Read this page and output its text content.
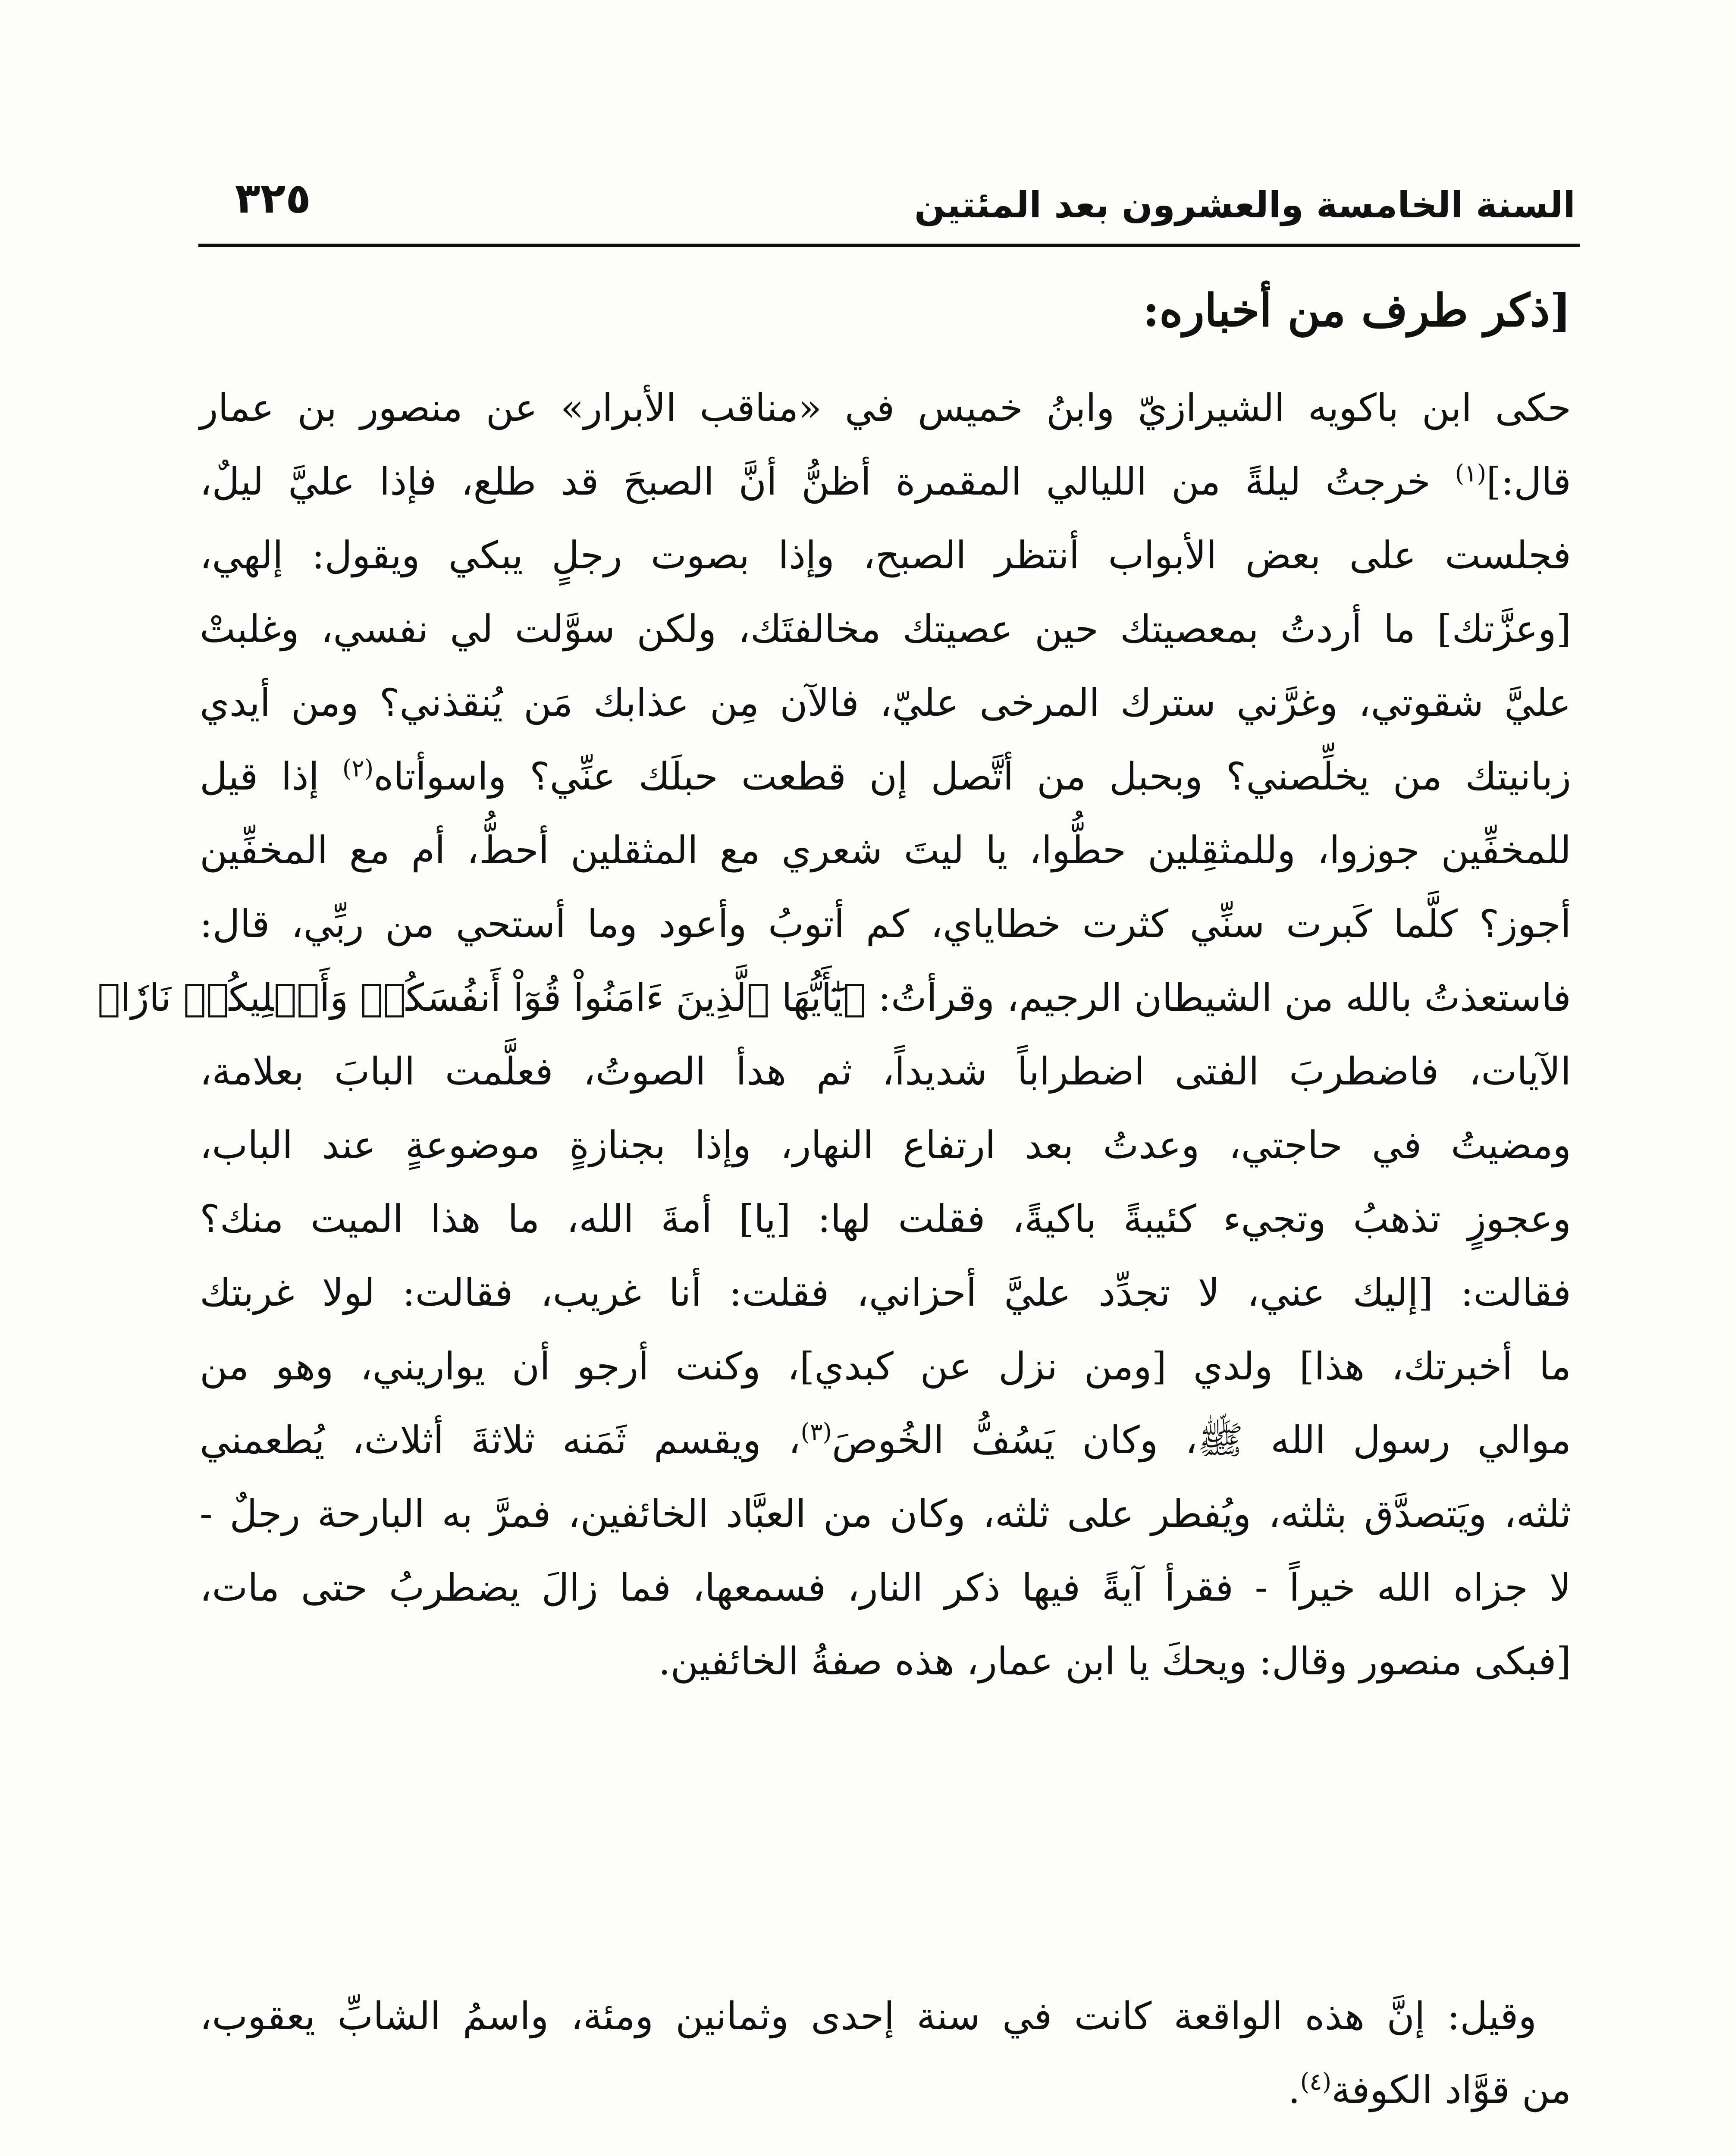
السنة الخامسة والعشرون بعد المئتين
٣٢٥
[ذكر طرف من أخباره:
حكى ابن باكويه الشيرازيّ وابنُ خميس في «مناقب الأبرار» عن منصور بن عمار
قال:]$^{(١)}$ خرجتُ ليلةً من الليالي المقمرة أظنُّ أنَّ الصبحَ قد طلع، فإذا عليَّ ليلٌ،
فجلست على بعض الأبواب أنتظر الصبح، وإذا بصوت رجلٍ يبكي ويقول: إلهي،
[وعزَّتك] ما أردتُ بمعصيتك حين عصيتك مخالفتَك، ولكن سوَّلت لي نفسي، وغلبتْ
عليَّ شقوتي، وغرَّني سترك المرخى عليّ، فالآن مِن عذابك مَن يُنقذني؟ ومن أيدي
زبانيتك من يخلِّصني؟ وبحبل من أتَّصل إن قطعت حبلَك عنِّي؟ واسوأتاه$^{(٢)}$ إذا قيل
للمخفِّين جوزوا، وللمثقِلين حطُّوا، يا ليتَ شعري مع المثقلين أحطُّ، أم مع المخفِّين
أجوز؟ كلَّما كَبرت سنِّي كثرت خطاياي، كم أتوبُ وأعود وما أستحي من ربِّي، قال:
فاستعذتُ بالله من الشيطان الرجيم، وقرأتُ: ﴿يَٰٓأَيُّهَا ٱلَّذِينَ ءَامَنُواْ قُوٓاْ أَنفُسَكُمۡ وَأَهۡلِيكُمۡ نَارٗا﴾
الآيات، فاضطربَ الفتى اضطراباً شديداً، ثم هدأ الصوتُ، فعلَّمت البابَ بعلامة،
ومضيتُ في حاجتي، وعدتُ بعد ارتفاع النهار، وإذا بجنازةٍ موضوعةٍ عند الباب،
وعجوزٍ تذهبُ وتجيء كئيبةً باكيةً، فقلت لها: [يا] أمةَ الله، ما هذا الميت منك؟
فقالت: [إليك عني، لا تجدِّد عليَّ أحزاني، فقلت: أنا غريب، فقالت: لولا غربتك
ما أخبرتك، هذا] ولدي [ومن نزل عن كبدي]، وكنت أرجو أن يواريني، وهو من
موالي رسول الله ﷺ، وكان يَسُفُّ الخُوصَ$^{(٣)}$، ويقسم ثَمَنه ثلاثةَ أثلاث، يُطعمني
ثلثه، ويَتصدَّق بثلثه، ويُفطر على ثلثه، وكان من العبَّاد الخائفين، فمرَّ به البارحة رجلٌ -
لا جزاه الله خيراً - فقرأ آيةً فيها ذكر النار، فسمعها، فما زالَ يضطربُ حتى مات،
[فبكى منصور وقال: ويحكَ يا ابن عمار، هذه صفةُ الخائفين.
وقيل: إنَّ هذه الواقعة كانت في سنة إحدى وثمانين ومئة، واسمُ الشابِّ يعقوب،
من قوَّاد الكوفة$^{(٤)}$.
